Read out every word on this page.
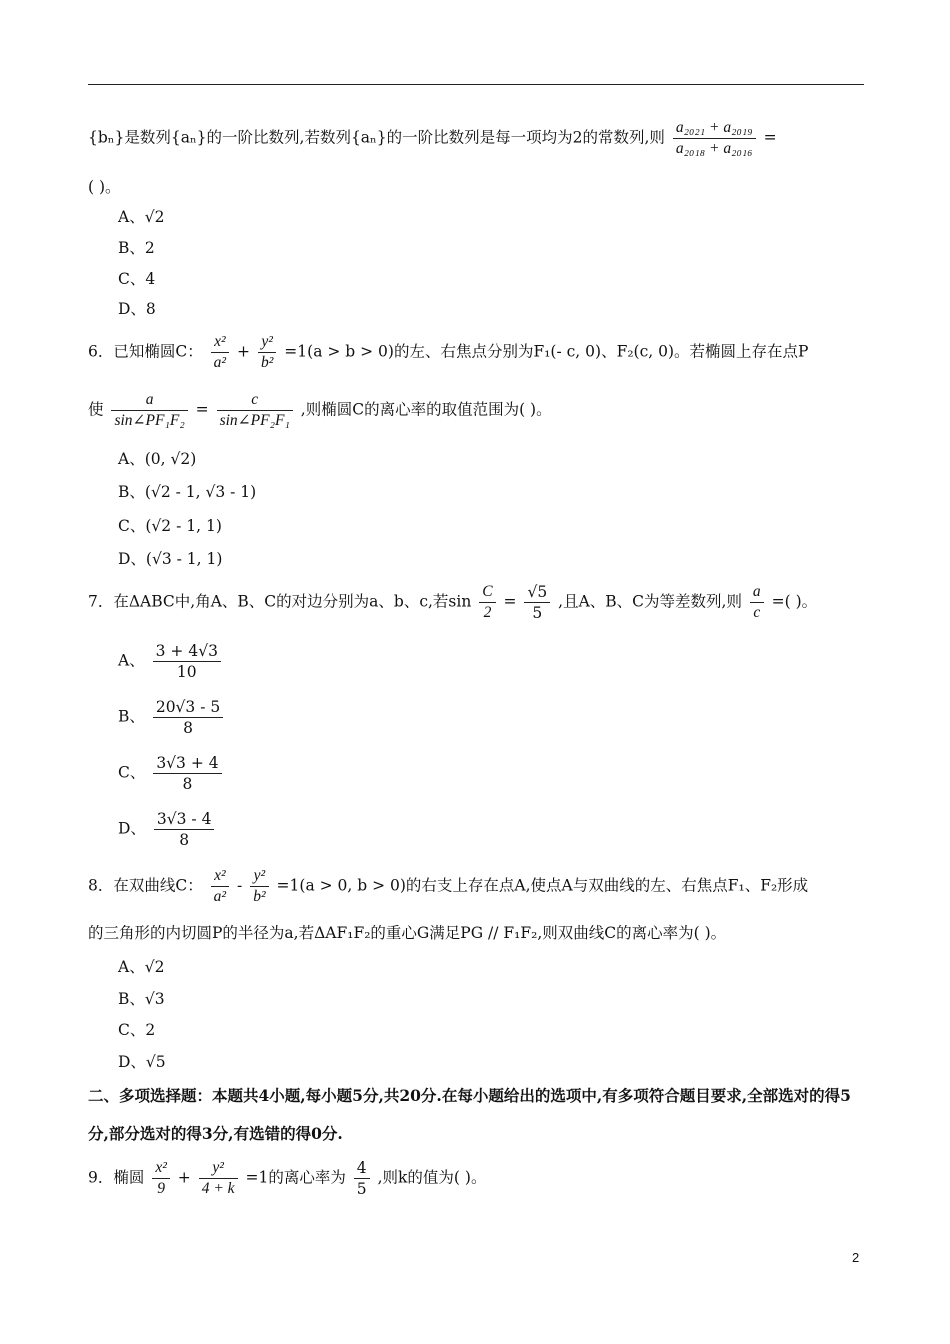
{bₙ}是数列{aₙ}的一阶比数列,若数列{aₙ}的一阶比数列是每一项均为2的常数列,则 $\frac{\text{a₂₀₂₁ + a₂₀₁₉}}{\text{a₂₀₁₈ + a₂₀₁₆}}$ =
( )。
A、√2
B、2
C、4
D、8
6．已知椭圆C： $\frac{\text{x²}}{\text{a²}} + \frac{\text{y²}}{\text{b²}} =1(a > b > 0)$的左、右焦点分别为F₁(- c, 0)、F₂(c, 0)。若椭圆上存在点P
使 $\frac{a}{\text{sin∠PF₁F₂}} = \frac{c}{\text{sin∠PF₂F₁}}$ ,则椭圆C的离心率的取值范围为( )。
A、(0, √2)
B、(√2 - 1, √3 - 1)
C、(√2 - 1, 1)
D、(√3 - 1, 1)
7．在ΔABC中,角A、B、C的对边分别为a、b、c,若$\sin \frac{C}{2} = \frac{√5}{5}$ ,且A、B、C为等差数列,则 $\frac{a}{c}$ =( )。
A、 $\frac{3 + 4√3}{10}$
B、 $\frac{20√3 - 5}{8}$
C、 $\frac{3√3 + 4}{8}$
D、 $\frac{3√3 - 4}{8}$
8．在双曲线C： $\frac{\text{x²}}{\text{a²}} - \frac{\text{y²}}{\text{b²}} =1(a > 0$, b > 0)的右支上存在点A,使点A与双曲线的左、右焦点F₁、F₂形成
的三角形的内切圆P的半径为a,若ΔAF₁F₂的重心G满足PG // F₁F₂,则双曲线C的离心率为( )。
A、√2
B、√3
C、2
D、√5
二、多项选择题：本题共4小题,每小题5分,共20分.在每小题给出的选项中,有多项符合题目要求,全部选对的得5分,部分选对的得3分,有选错的得0分.
9．椭圆 $\frac{\text{x²}}{9} + \frac{\text{y²}}{4 + k} =1$的离心率为 $\frac{4}{5}$ ,则k的值为( )。
2
